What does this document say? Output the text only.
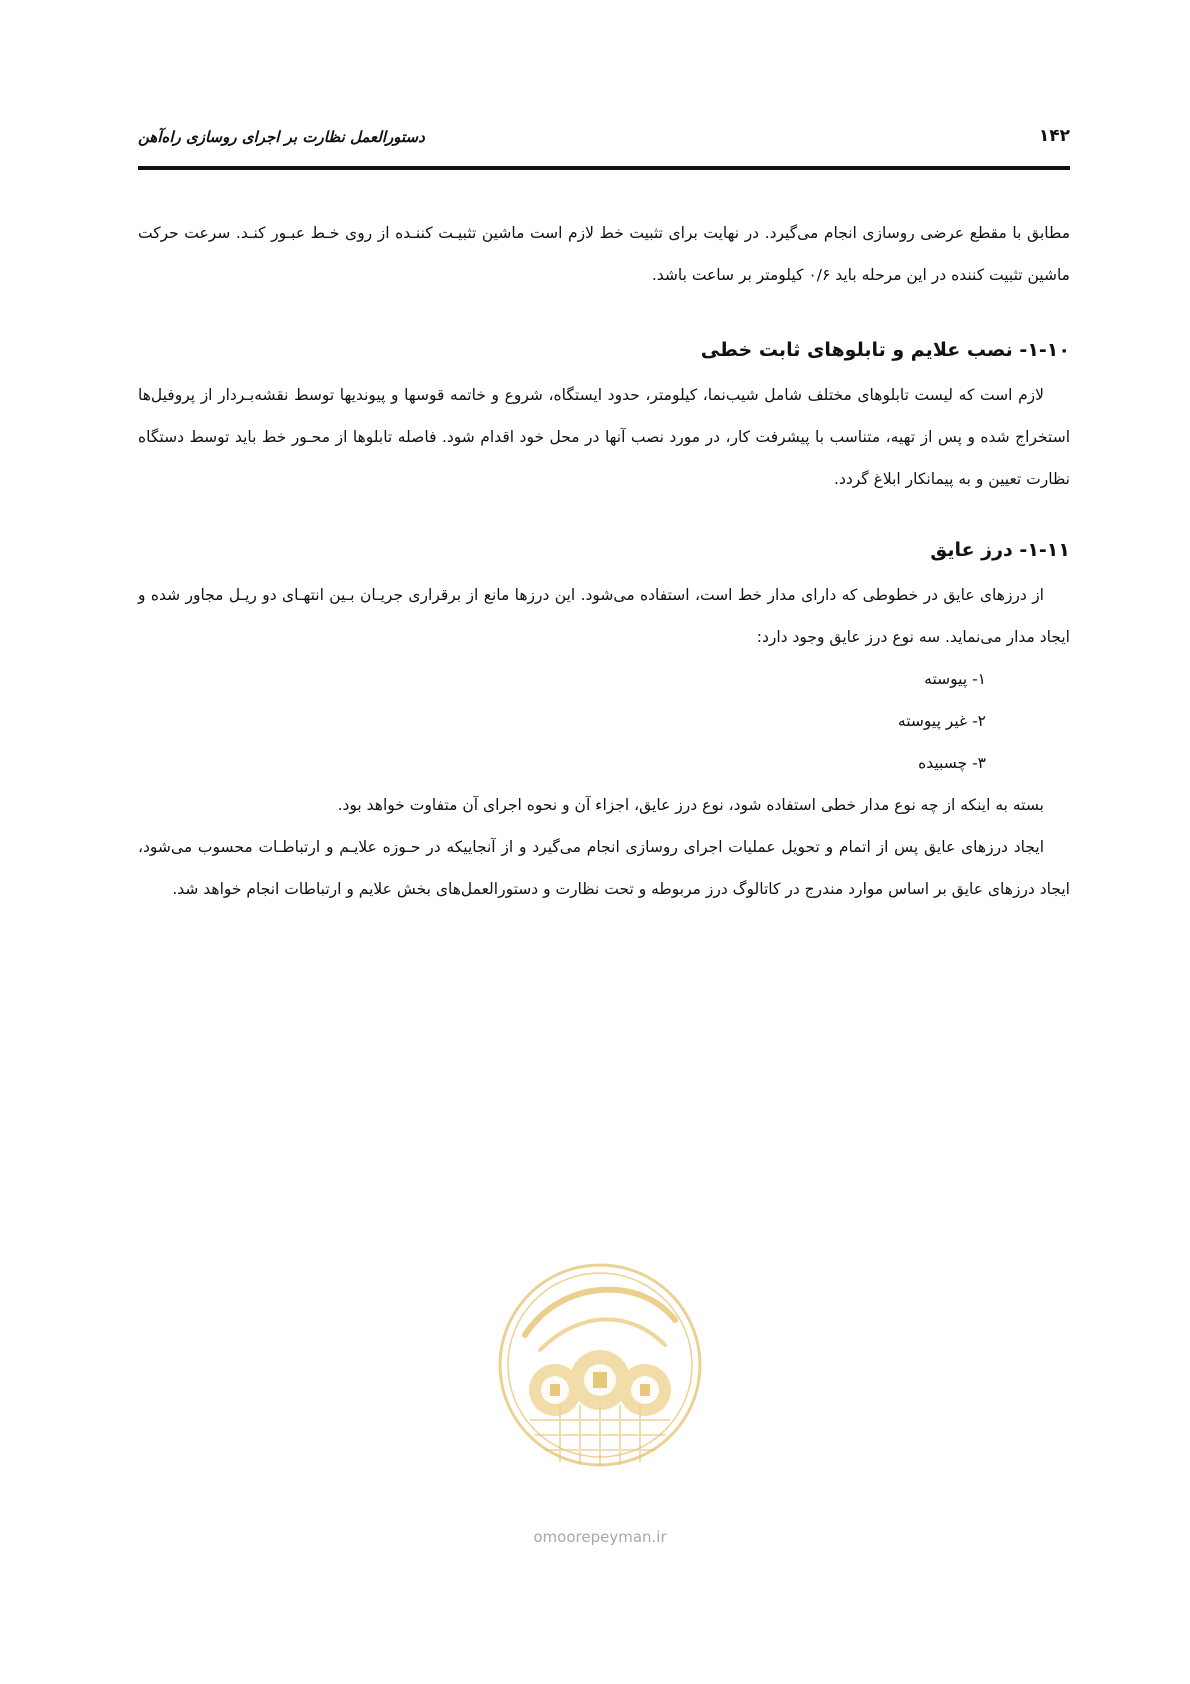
دستورالعمل نظارت بر اجرای روسازی راه‌آهن	۱۴۲

مطابق با مقطع عرضی روسازی انجام می‌گیرد. در نهایت برای تثبیت خط لازم است ماشین تثبیـت کننـده از روی خـط عبـور کنـد. سرعت حرکت ماشین تثبیت کننده در این مرحله باید ۰/۶ کیلومتر بر ساعت باشد.

۱-۱۰- نصب علایم و تابلوهای ثابت خطی

لازم است که لیست تابلوهای مختلف شامل شیب‌نما، کیلومتر، حدود ایستگاه، شروع و خاتمه قوسها و پیوندیها توسط نقشه‌بـردار از پروفیل‌ها استخراج شده و پس از تهیه، متناسب با پیشرفت کار، در مورد نصب آنها در محل خود اقدام شود. فاصله تابلوها از محـور خط باید توسط دستگاه نظارت تعیین و به پیمانکار ابلاغ گردد.

۱-۱۱- درز عایق

از درزهای عایق در خطوطی که دارای مدار خط است، استفاده می‌شود. این درزها مانع از برقراری جریـان بـین انتهـای دو ریـل مجاور شده و ایجاد مدار می‌نماید. سه نوع درز عایق وجود دارد:

۱- پیوسته
۲- غیر پیوسته
۳- چسبیده

بسته به اینکه از چه نوع مدار خطی استفاده شود، نوع درز عایق، اجزاء آن و نحوه اجرای آن متفاوت خواهد بود.

ایجاد درزهای عایق پس از اتمام و تحویل عملیات اجرای روسازی انجام می‌گیرد و از آنجاییکه در حـوزه علایـم و ارتباطـات محسوب می‌شود، ایجاد درزهای عایق بر اساس موارد مندرج در کاتالوگ درز مربوطه و تحت نظارت و دستورالعمل‌های بخش علایم و ارتباطات انجام خواهد شد.

omoorepeyman.ir
